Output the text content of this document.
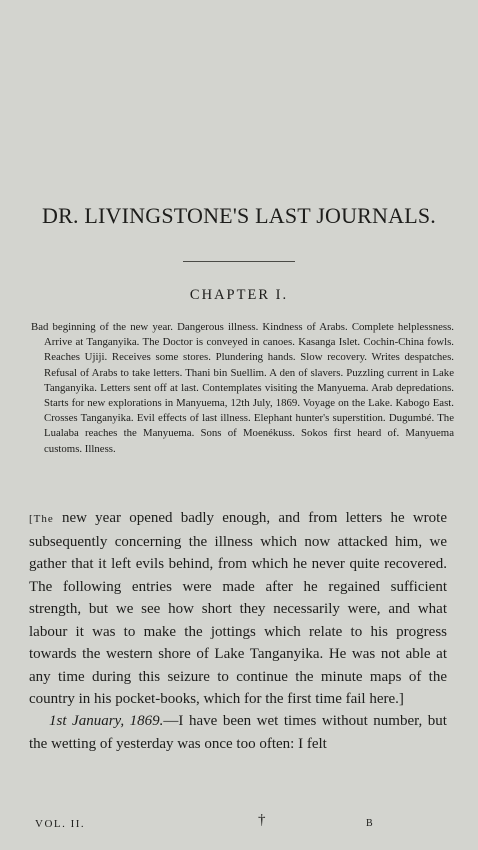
DR. LIVINGSTONE'S LAST JOURNALS.
CHAPTER I.
Bad beginning of the new year. Dangerous illness. Kindness of Arabs. Complete helplessness. Arrive at Tanganyika. The Doctor is conveyed in canoes. Kasanga Islet. Cochin-China fowls. Reaches Ujiji. Receives some stores. Plundering hands. Slow recovery. Writes despatches. Refusal of Arabs to take letters. Thani bin Suellim. A den of slavers. Puzzling current in Lake Tanganyika. Letters sent off at last. Contemplates visiting the Manyuema. Arab depredations. Starts for new explorations in Manyuema, 12th July, 1869. Voyage on the Lake. Kabogo East. Crosses Tanganyika. Evil effects of last illness. Elephant hunter's superstition. Dugumbé. The Lualaba reaches the Manyuema. Sons of Moenékuss. Sokos first heard of. Manyuema customs. Illness.
[The new year opened badly enough, and from letters he wrote subsequently concerning the illness which now attacked him, we gather that it left evils behind, from which he never quite recovered. The following entries were made after he regained sufficient strength, but we see how short they necessarily were, and what labour it was to make the jottings which relate to his progress towards the western shore of Lake Tanganyika. He was not able at any time during this seizure to continue the minute maps of the country in his pocket-books, which for the first time fail here.]
1st January, 1869.—I have been wet times without number, but the wetting of yesterday was once too often: I felt
VOL. II.	†	B
